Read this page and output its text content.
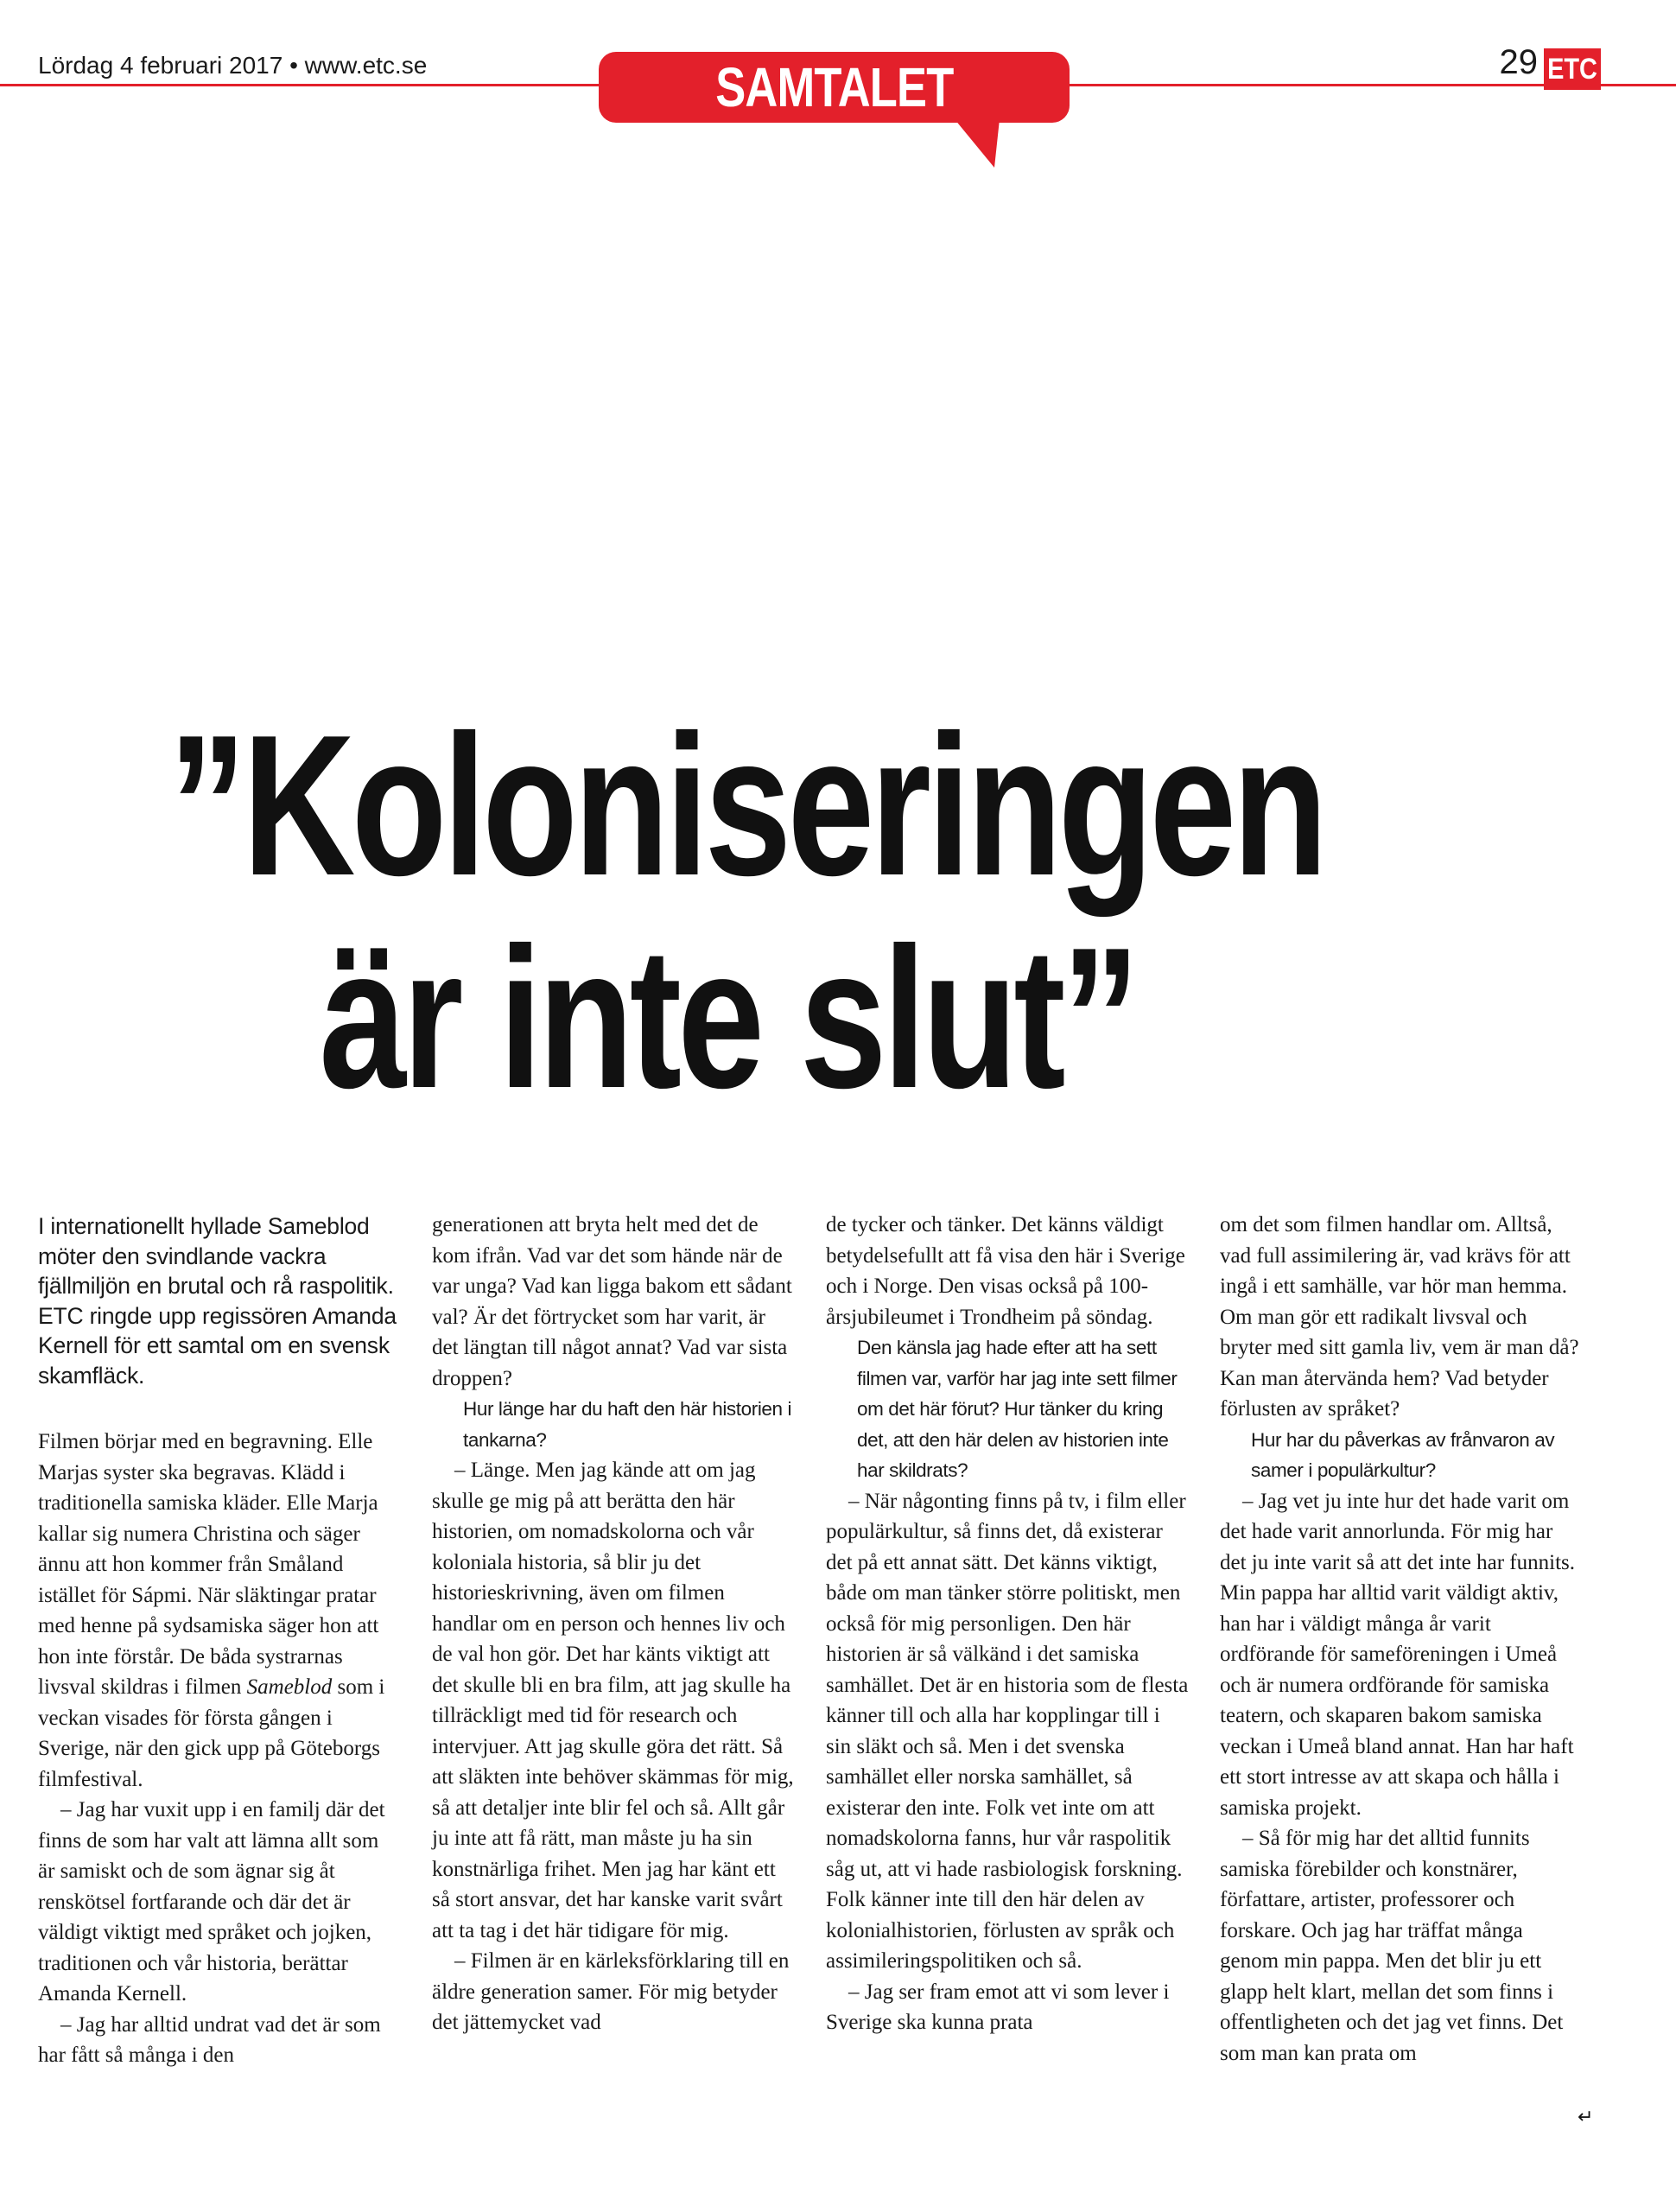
Lördag 4 februari 2017 • www.etc.se	SAMTALET	29 ETC
”Koloniseringen
är inte slut”

I internationellt hyllade Sameblod möter den svindlande vackra fjällmiljön en brutal och rå raspolitik. ETC ringde upp regissören Amanda Kernell för ett samtal om en svensk skamfläck.

Filmen börjar med en begravning. Elle Marjas syster ska begravas. Klädd i traditionella samiska kläder. Elle Marja kallar sig numera Christina och säger ännu att hon kommer från Småland istället för Sápmi. När släktingar pratar med henne på sydsamiska säger hon att hon inte förstår. De båda systrarnas livsval skildras i filmen Sameblod som i veckan visades för första gången i Sverige, när den gick upp på Göteborgs filmfestival.

– Jag har vuxit upp i en familj där det finns de som har valt att lämna allt som är samiskt och de som ägnar sig åt renskötsel fortfarande och där det är väldigt viktigt med språket och jojken, traditionen och vår historia, berättar Amanda Kernell.

– Jag har alltid undrat vad det är som har fått så många i den

generationen att bryta helt med det de kom ifrån. Vad var det som hände när de var unga? Vad kan ligga bakom ett sådant val? Är det förtrycket som har varit, är det längtan till något annat? Vad var sista droppen?

Hur länge har du haft den här historien i tankarna?

– Länge. Men jag kände att om jag skulle ge mig på att berätta den här historien, om nomadskolorna och vår koloniala historia, så blir ju det historieskrivning, även om filmen handlar om en person och hennes liv och de val hon gör. Det har känts viktigt att det skulle bli en bra film, att jag skulle ha tillräckligt med tid för research och intervjuer. Att jag skulle göra det rätt. Så att släkten inte behöver skämmas för mig, så att detaljer inte blir fel och så. Allt går ju inte att få rätt, man måste ju ha sin konstnärliga frihet. Men jag har känt ett så stort ansvar, det har kanske varit svårt att ta tag i det här tidigare för mig.

– Filmen är en kärleksförklaring till en äldre generation samer. För mig betyder det jättemycket vad

de tycker och tänker. Det känns väldigt betydelsefullt att få visa den här i Sverige och i Norge. Den visas också på 100-årsjubileumet i Trondheim på söndag.

Den känsla jag hade efter att ha sett filmen var, varför har jag inte sett filmer om det här förut? Hur tänker du kring det, att den här delen av historien inte har skildrats?

– När någonting finns på tv, i film eller populärkultur, så finns det, då existerar det på ett annat sätt. Det känns viktigt, både om man tänker större politiskt, men också för mig personligen. Den här historien är så välkänd i det samiska samhället. Det är en historia som de flesta känner till och alla har kopplingar till i sin släkt och så. Men i det svenska samhället eller norska samhället, så existerar den inte. Folk vet inte om att nomadskolorna fanns, hur vår raspolitik såg ut, att vi hade rasbiologisk forskning. Folk känner inte till den här delen av kolonialhistorien, förlusten av språk och assimileringspolitiken och så.

– Jag ser fram emot att vi som lever i Sverige ska kunna prata

om det som filmen handlar om. Alltså, vad full assimilering är, vad krävs för att ingå i ett samhälle, var hör man hemma. Om man gör ett radikalt livsval och bryter med sitt gamla liv, vem är man då? Kan man återvända hem? Vad betyder förlusten av språket?

Hur har du påverkas av frånvaron av samer i populärkultur?

– Jag vet ju inte hur det hade varit om det hade varit annorlunda. För mig har det ju inte varit så att det inte har funnits. Min pappa har alltid varit väldigt aktiv, han har i väldigt många år varit ordförande för sameföreningen i Umeå och är numera ordförande för samiska teatern, och skaparen bakom samiska veckan i Umeå bland annat. Han har haft ett stort intresse av att skapa och hålla i samiska projekt.

– Så för mig har det alltid funnits samiska förebilder och konstnärer, författare, artister, professorer och forskare. Och jag har träffat många genom min pappa. Men det blir ju ett glapp helt klart, mellan det som finns i offentligheten och det jag vet finns. Det som man kan prata om

↵
